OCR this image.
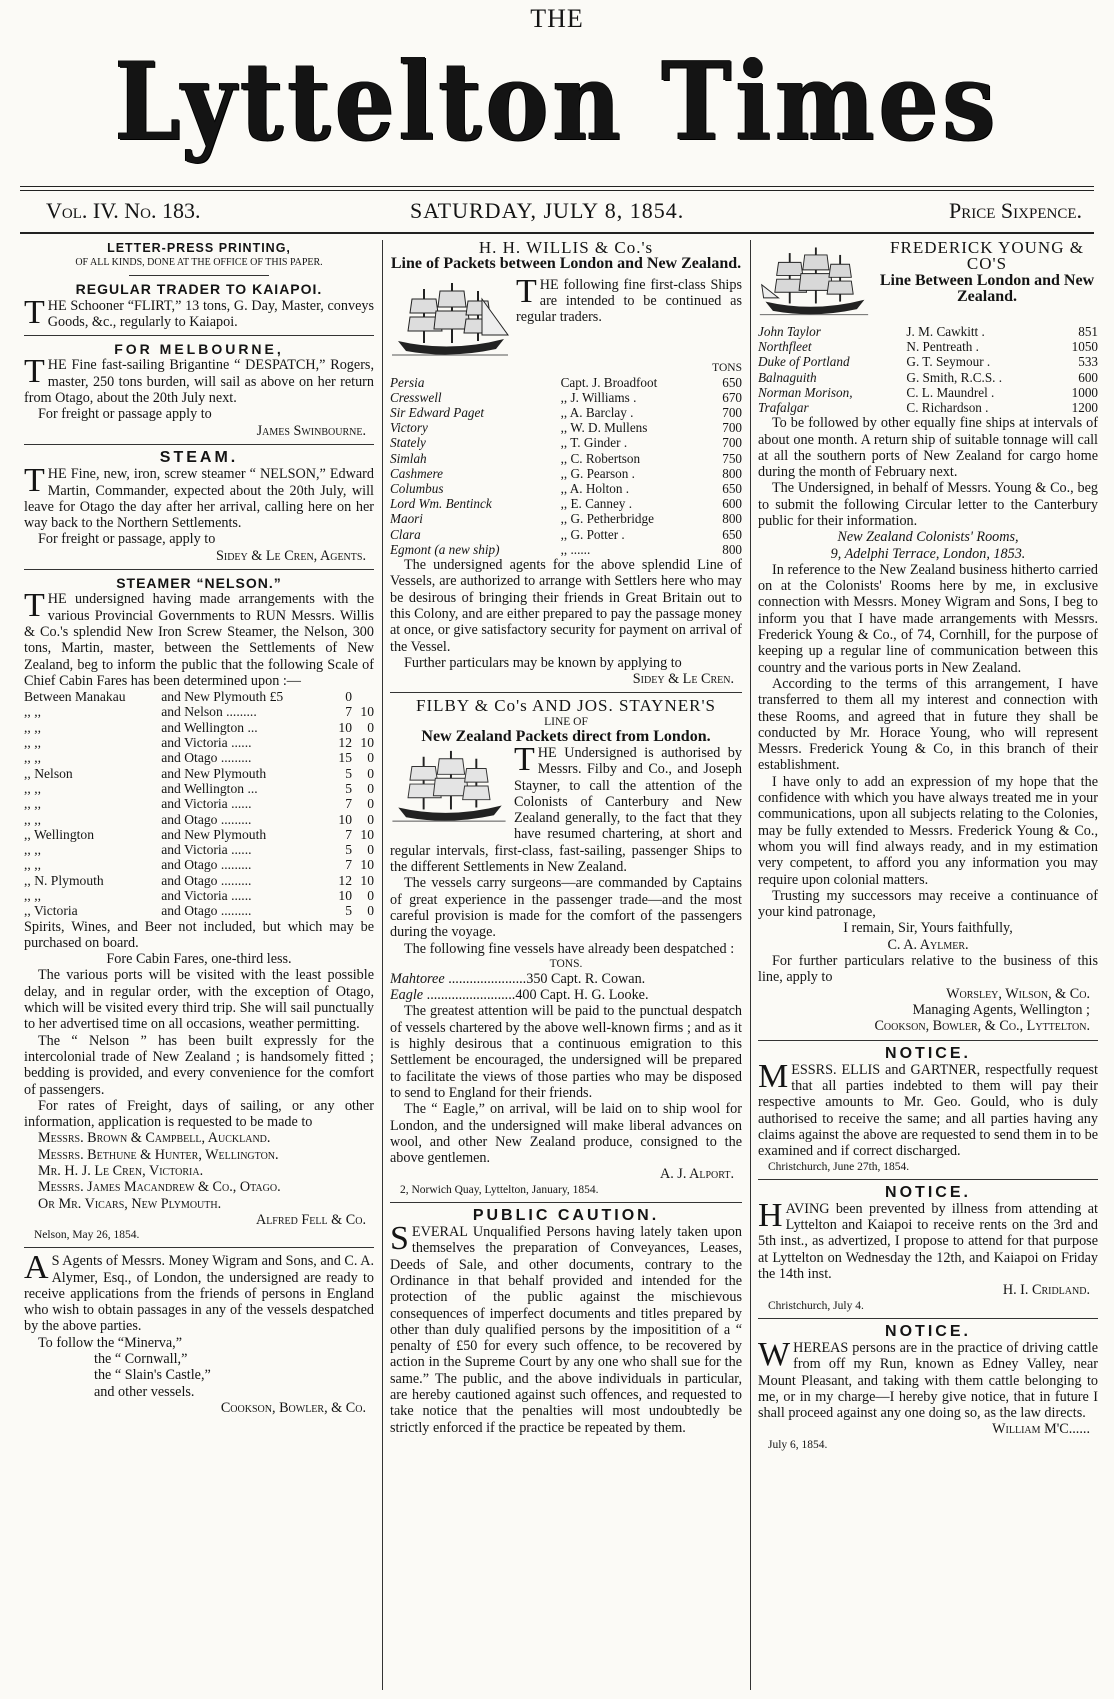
THE
Lyttelton Times
Vol. IV. No. 183.	SATURDAY, JULY 8, 1854.	Price Sixpence.
LETTER-PRESS PRINTING,
OF ALL KINDS, DONE AT THE OFFICE OF THIS PAPER.
REGULAR TRADER TO KAIAPOI.

THE Schooner “FLIRT,” 13 tons, G. Day, Master, conveys Goods, &c., regularly to Kaiapoi.

FOR MELBOURNE,

THE Fine fast-sailing Brigantine “ DESPATCH,” Rogers, master, 250 tons burden, will sail as above on her return from Otago, about the 20th July next.

For freight or passage apply to

James Swinbourne.
STEAM.

THE Fine, new, iron, screw steamer “ NELSON,” Edward Martin, Commander, expected about the 20th July, will leave for Otago the day after her arrival, calling here on her way back to the Northern Settlements.

For freight or passage, apply to

Sidey & Le Cren, Agents.
STEAMER “NELSON.”

THE undersigned having made arrangements with the various Provincial Governments to RUN Messrs. Willis & Co.'s splendid New Iron Screw Steamer, the Nelson, 300 tons, Martin, master, between the Settlements of New Zealand, beg to inform the public that the following Scale of Chief Cabin Fares has been determined upon :—

Between Manakau	and New Plymouth £5	0	
,, ,,	and Nelson .........	7	10
,, ,,	and Wellington ...	10	0
,, ,,	and Victoria ......	12	10
,, ,,	and Otago .........	15	0
,, Nelson	and New Plymouth	5	0
,, ,,	and Wellington ...	5	0
,, ,,	and Victoria ......	7	0
,, ,,	and Otago .........	10	0
,, Wellington	and New Plymouth	7	10
,, ,,	and Victoria ......	5	0
,, ,,	and Otago .........	7	10
,, N. Plymouth	and Otago .........	12	10
,, ,,	and Victoria ......	10	0
,, Victoria	and Otago .........	5	0

Spirits, Wines, and Beer not included, but which may be purchased on board.

Fore Cabin Fares, one-third less.

The various ports will be visited with the least possible delay, and in regular order, with the exception of Otago, which will be visited every third trip. She will sail punctually to her advertised time on all occasions, weather permitting.

The “ Nelson ” has been built expressly for the intercolonial trade of New Zealand ; is handsomely fitted ; bedding is provided, and every convenience for the comfort of passengers.

For rates of Freight, days of sailing, or any other information, application is requested to be made to

Messrs. Brown & Campbell, Auckland.
Messrs. Bethune & Hunter, Wellington.
Mr. H. J. Le Cren, Victoria.
Messrs. James Macandrew & Co., Otago.
Or Mr. Vicars, New Plymouth.
Alfred Fell & Co.
Nelson, May 26, 1854.

AS Agents of Messrs. Money Wigram and Sons, and C. A. Alymer, Esq., of London, the undersigned are ready to receive applications from the friends of persons in England who wish to obtain passages in any of the vessels despatched by the above parties.

To follow the “Minerva,”

the “ Cornwall,”
the “ Slain's Castle,”
and other vessels.
Cookson, Bowler, & Co.
H. H. WILLIS & Co.'s
Line of Packets between London and New Zealand.

THE following fine first-class Ships are intended to be continued as regular traders.

TONS
Persia	Capt. J. Broadfoot	650
Cresswell	,, J. Williams .	670
Sir Edward Paget	,, A. Barclay .	700
Victory	,, W. D. Mullens	700
Stately	,, T. Ginder .	700
Simlah	,, C. Robertson	750
Cashmere	,, G. Pearson .	800
Columbus	,, A. Holton .	650
Lord Wm. Bentinck	,, E. Canney .	600
Maori	,, G. Petherbridge	800
Clara	,, G. Potter .	650
Egmont (a new ship)	,, ......	800

The undersigned agents for the above splendid Line of Vessels, are authorized to arrange with Settlers here who may be desirous of bringing their friends in Great Britain out to this Colony, and are either prepared to pay the passage money at once, or give satisfactory security for payment on arrival of the Vessel.

Further particulars may be known by applying to

Sidey & Le Cren.
FILBY & Co's AND JOS. STAYNER'S
LINE OF
New Zealand Packets direct from London.

THE Undersigned is authorised by Messrs. Filby and Co., and Joseph Stayner, to call the attention of the Colonists of Canterbury and New Zealand generally, to the fact that they have resumed chartering, at short and regular intervals, first-class, fast-sailing, passenger Ships to the different Settlements in New Zealand.

The vessels carry surgeons—are commanded by Captains of great experience in the passenger trade—and the most careful provision is made for the comfort of the passengers during the voyage.

The following fine vessels have already been despatched :

TONS.
Mahtoree ......................350 Capt. R. Cowan.
Eagle .........................400 Capt. H. G. Looke.

The greatest attention will be paid to the punctual despatch of vessels chartered by the above well-known firms ; and as it is highly desirous that a continuous emigration to this Settlement be encouraged, the undersigned will be prepared to facilitate the views of those parties who may be disposed to send to England for their friends.

The “ Eagle,” on arrival, will be laid on to ship wool for London, and the undersigned will make liberal advances on wool, and other New Zealand produce, consigned to the above gentlemen.

A. J. Alport.
2, Norwich Quay, Lyttelton, January, 1854.
PUBLIC CAUTION.

SEVERAL Unqualified Persons having lately taken upon themselves the preparation of Conveyances, Leases, Deeds of Sale, and other documents, contrary to the Ordinance in that behalf provided and intended for the protection of the public against the mischievous consequences of imperfect documents and titles prepared by other than duly qualified persons by the impositition of a “ penalty of £50 for every such offence, to be recovered by action in the Supreme Court by any one who shall sue for the same.” The public, and the above individuals in particular, are hereby cautioned against such offences, and requested to take notice that the penalties will most undoubtedly be strictly enforced if the practice be repeated by them.

FREDERICK YOUNG & CO'S
Line Between London and New Zealand.
John Taylor	J. M. Cawkitt .	851
Northfleet	N. Pentreath .	1050
Duke of Portland	G. T. Seymour .	533
Balnaguith	G. Smith, R.C.S. .	600
Norman Morison,	C. L. Maundrel .	1000
Trafalgar	C. Richardson .	1200

To be followed by other equally fine ships at intervals of about one month. A return ship of suitable tonnage will call at all the southern ports of New Zealand for cargo home during the month of February next.

The Undersigned, in behalf of Messrs. Young & Co., beg to submit the following Circular letter to the Canterbury public for their information.

New Zealand Colonists' Rooms,
9, Adelphi Terrace, London, 1853.

In reference to the New Zealand business hitherto carried on at the Colonists' Rooms here by me, in exclusive connection with Messrs. Money Wigram and Sons, I beg to inform you that I have made arrangements with Messrs. Frederick Young & Co., of 74, Cornhill, for the purpose of keeping up a regular line of communication between this country and the various ports in New Zealand.

According to the terms of this arrangement, I have transferred to them all my interest and connection with these Rooms, and agreed that in future they shall be conducted by Mr. Horace Young, who will represent Messrs. Frederick Young & Co, in this branch of their establishment.

I have only to add an expression of my hope that the confidence with which you have always treated me in your communications, upon all subjects relating to the Colonies, may be fully extended to Messrs. Frederick Young & Co., whom you will find always ready, and in my estimation very competent, to afford you any information you may require upon colonial matters.

Trusting my successors may receive a continuance of your kind patronage,

I remain, Sir, Yours faithfully,
C. A. Aylmer.

For further particulars relative to the business of this line, apply to

Worsley, Wilson, & Co.
Managing Agents, Wellington ;
Cookson, Bowler, & Co., Lyttelton.
NOTICE.

MESSRS. ELLIS and GARTNER, respectfully request that all parties indebted to them will pay their respective amounts to Mr. Geo. Gould, who is duly authorised to receive the same; and all parties having any claims against the above are requested to send them in to be examined and if correct discharged.

Christchurch, June 27th, 1854.
NOTICE.

HAVING been prevented by illness from attending at Lyttelton and Kaiapoi to receive rents on the 3rd and 5th inst., as advertized, I propose to attend for that purpose at Lyttelton on Wednesday the 12th, and Kaiapoi on Friday the 14th inst.

H. I. Cridland.
Christchurch, July 4.
NOTICE.

WHEREAS persons are in the practice of driving cattle from off my Run, known as Edney Valley, near Mount Pleasant, and taking with them cattle belonging to me, or in my charge—I hereby give notice, that in future I shall proceed against any one doing so, as the law directs.

William M'C......
July 6, 1854.
